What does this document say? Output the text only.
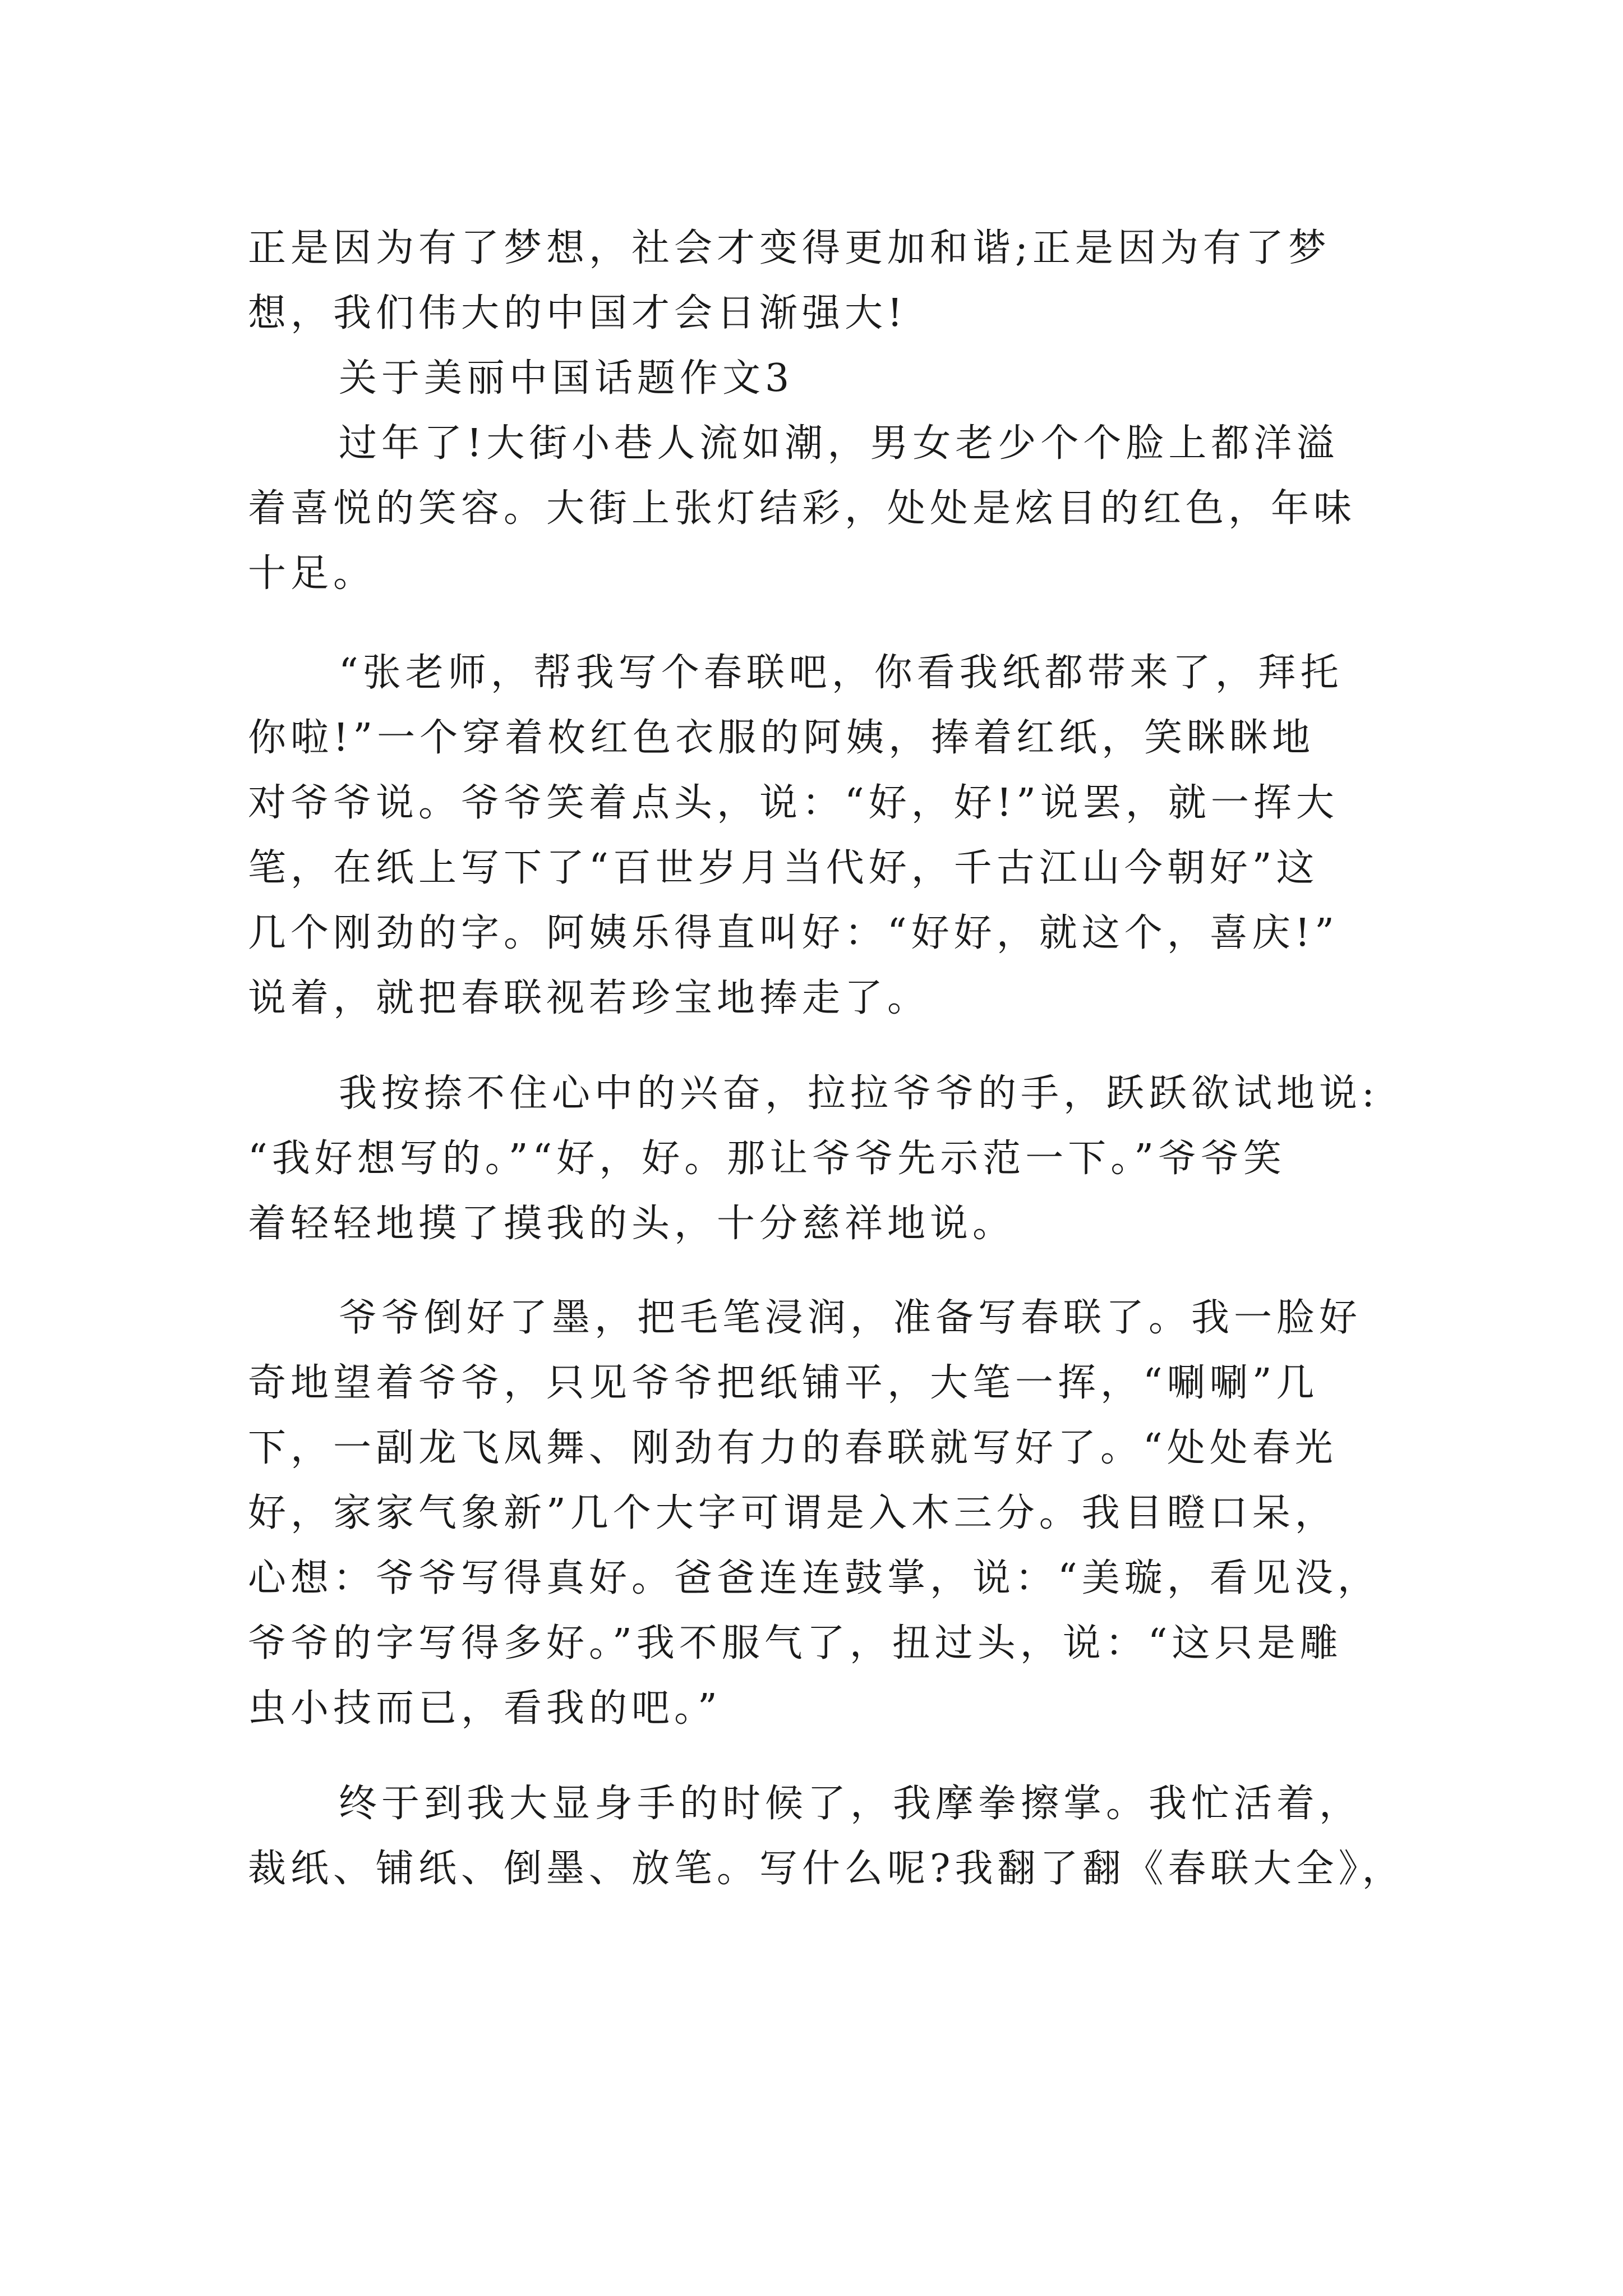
正是因为有了梦想，社会才变得更加和谐;正是因为有了梦
想，我们伟大的中国才会日渐强大!
关于美丽中国话题作文3
过年了!大街小巷人流如潮，男女老少个个脸上都洋溢
着喜悦的笑容。大街上张灯结彩，处处是炫目的红色，年味
十足。
“张老师，帮我写个春联吧，你看我纸都带来了，拜托
你啦!”一个穿着枚红色衣服的阿姨，捧着红纸，笑眯眯地
对爷爷说。爷爷笑着点头，说：“好，好!”说罢，就一挥大
笔，在纸上写下了“百世岁月当代好，千古江山今朝好”这
几个刚劲的字。阿姨乐得直叫好：“好好，就这个，喜庆!”
说着，就把春联视若珍宝地捧走了。
我按捺不住心中的兴奋，拉拉爷爷的手，跃跃欲试地说:
“我好想写的。”“好，好。那让爷爷先示范一下。”爷爷笑
着轻轻地摸了摸我的头，十分慈祥地说。
爷爷倒好了墨，把毛笔浸润，准备写春联了。我一脸好
奇地望着爷爷，只见爷爷把纸铺平，大笔一挥，“唰唰”几
下，一副龙飞凤舞、刚劲有力的春联就写好了。“处处春光
好，家家气象新”几个大字可谓是入木三分。我目瞪口呆，
心想：爷爷写得真好。爸爸连连鼓掌，说：“美璇，看见没，
爷爷的字写得多好。”我不服气了，扭过头，说：“这只是雕
虫小技而已，看我的吧。”
终于到我大显身手的时候了，我摩拳擦掌。我忙活着，
裁纸、铺纸、倒墨、放笔。写什么呢?我翻了翻《春联大全》，
